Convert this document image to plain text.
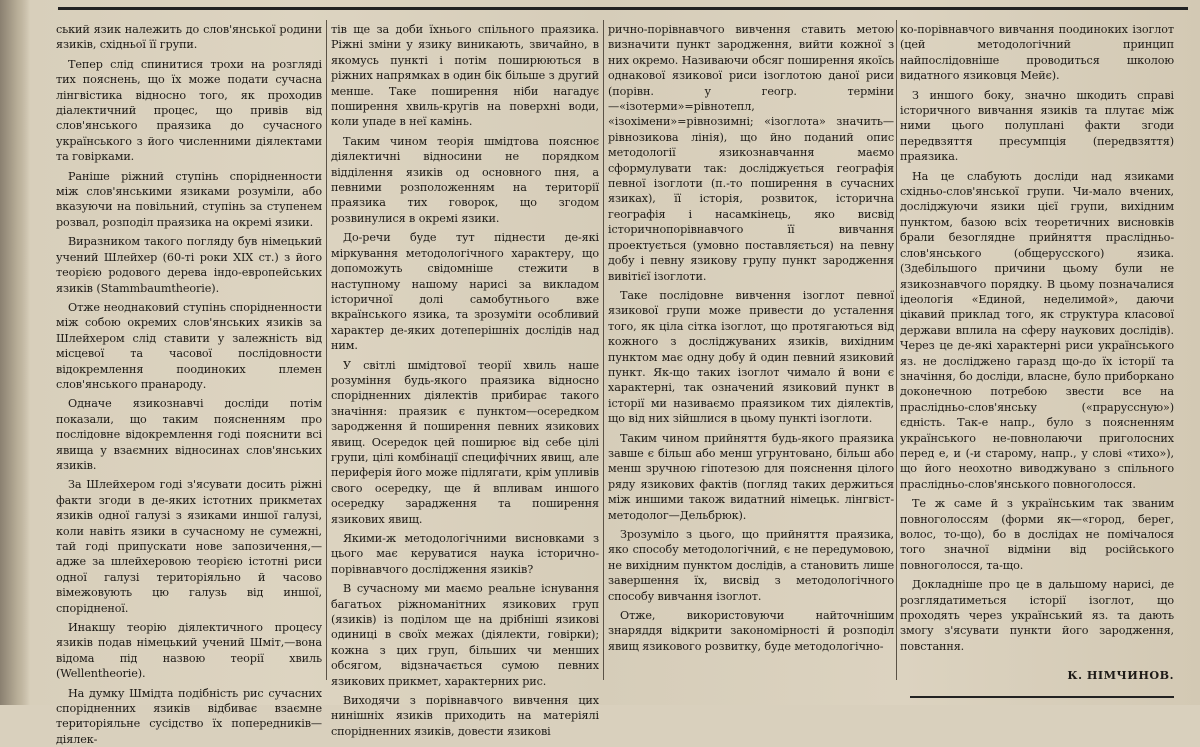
ський язик належить до слов'янської родини язиків, східньої її групи.

Тепер слід спинитися трохи на розгляді тих пояснень, що їх може подати сучасна лінгвістика відносно того, як проходив діалектичний процес, що привів від слов'янського праязика до сучасного українського з його численними діялектами та говірками.

Раніше ріжний ступінь спорідненности між слов'янськими язиками розуміли, або вказуючи на повільний, ступінь за ступенем розвал, розподіл праязика на окремі язики.

Виразником такого погляду був німецький учений Шлейхер (60-ті роки XIX ст.) з його теорією родового дерева індо-европейських язиків (Stammbaumtheorie).

Отже неоднаковий ступінь спорідненности між собою окремих слов'янських язиків за Шлейхером слід ставити у залежність від місцевої та часової послідовности відокремлення поодиноких племен слов'янського пранароду.

Одначе язикознавчі досліди потім показали, що таким поясненням про послідовне відокремлення годі пояснити всі явища у взаємних відносинах слов'янських язиків.

За Шлейхером годі з'ясувати досить ріжні факти згоди в де-яких істотних прикметах язиків одної галузі з язиками иншої галузі, коли навіть язики в сучасному не сумежні, тай годі припускати нове запозичення,—адже за шлейхеровою теорією істотні риси одної галузі територіяльно й часово вімежовують цю галузь від иншої, спорідненої.

Инакшу теорію діялектичного процесу язиків подав німецький учений Шміт,—вона відома під назвою теорії хвиль (Wellentheorie).

На думку Шмідта подібність рис сучасних спорідненних язиків відбиває взаємне територіяльне сусідство їх попередників—діялек-

тів ще за доби їхнього спільного праязика. Ріжні зміни у язику виникають, звичайно, в якомусь пункті і потім поширюються в ріжних напрямках в один бік більше з другий менше. Таке поширення ніби нагадує поширення хвиль-кругів на поверхні води, коли упаде в неї камінь.

Таким чином теорія шмідтова пояснює діялектичні відносини не порядком відділення язиків од основного пня, а певними розположенням на території праязика тих говорок, що згодом розвинулися в окремі язики.

До-речи буде тут піднести де-які міркування методологічного характеру, що допоможуть свідомніше стежити в наступному нашому нарисі за викладом історичної долі самобутнього вже вкраїнського язика, та зрозуміти особливий характер де-яких дотеперішніх дослідів над ним.

У світлі шмідтової теорії хвиль наше розуміння будь-якого праязика відносно спорідненних діялектів прибирає такого значіння: праязик є пунктом—осередком зародження й поширення певних язикових явищ. Осередок цей поширює від себе цілі групи, цілі комбінації специфічних явищ, але периферія його може підлягати, крім упливів свого осередку, ще й впливам иншого осередку зарадження та поширення язикових явищ.

Якими-ж методологічними висновками з цього має керуватися наука історично-порівнавчого дослідження язиків?

В сучасному ми маємо реальне існування багатьох ріжноманітних язикових груп (язиків) із подiлом ще на дрібніші язикові одиниці в своїх межах (діялекти, говірки); кожна з цих груп, більших чи менших обсягом, відзначається сумою певних язикових прикмет, характерних рис.

Виходячи з порівнавчого вивчення цих нинішніх язиків приходить на матеріялі спорідненних язиків, довести язикові

рично-порівнавчого вивчення ставить метою визначити пункт зародження, вийти кожної з них окремо. Називаючи обсяг поширення якоїсь однакової язикової риси ізоглотою даної риси (порівн. у геогр. терміни—«ізотерми»=рівнотепл, «ізохімени»=рівнозимні; «ізоглота» значить—рівнозикова лінія), що йно поданий опис методології язикознавчання маємо сформулувати так: досліджується географія певної ізоглоти (п.-то поширення в сучасних язиках), її історія, розвиток, історична географія і насамкінець, яко висвід історичнопорівнавчого її вивчання проектується (умовно поставляється) на певну добу і певну язикову групу пункт зародження вивітієї ізоглоти.

Таке послідовне вивчення ізоглот певної язикової групи може привести до усталення того, як ціла сітка ізоглот, що протягаються від кожного з досліджуваних язиків, вихідним пунктом має одну добу й один певний язиковий пункт. Як-що таких ізоглот чимало й вони є характерні, так означений язиковий пункт в історії ми називаємо праязиком тих діялектів, що від них зійшлися в цьому пункті ізоглоти.

Таким чином прийняття будь-якого праязика завше є більш або менш угрунтовано, більш або менш зручною гіпотезою для пояснення цілого ряду язикових фактів (погляд таких держиться між иншими також видатний німецьк. лінгвіст-методолог—Дельбрюк).

Зрозуміло з цього, що прийняття праязика, яко способу методологічний, є не передумовою, не вихідним пунктом дослідів, а становить лише завершення їх, висвід з методологічного способу вивчання ізоглот.

Отже, використовуючи найточнішим знаряддя відкрити закономірності й розподіл явищ язикового розвитку, буде методологічно-

ко-порівнавчого вивчання поодиноких ізоглот (цей методологічний принцип найпослідовніше проводиться школою видатного язиковця Мейє).

З иншого боку, значно шкодить справі історичного вивчання язиків та плутає між ними цього полуплані факти згоди передвзяття пресумпція (передвзяття) праязика.

На це слабують досліди над язиками східньо-слов'янської групи. Чи-мало вчених, досліджуючи язики цієї групи, вихідним пунктом, базою всіх теоретичних висновків брали безоглядне прийняття праслідньо-слов'янського (общерусского) язика. (Здебільшого причини цьому були не язикознавчого порядку. В цьому позначалися ідеологія «Единой, неделимой», даючи цікавий приклад того, як структура класової держави вплила на сферу наукових дослідів). Через це де-які характерні риси українського яз. не досліджено гаразд що-до їх історії та значіння, бо досліди, власне, було приборкано доконечною потребою звести все на праслідньо-слов'янську («праруссную») єдність. Так-е напр., було з поясненням українського не-повнолаючи приголосних перед е, и (-и старому, напр., у слові «тихо»), що його неохотно виводжувано з спільного праслідньо-слов'янського повноголосся.

Те ж саме й з українським так званим повноголоссям (форми як—«город, берег, волос, то-що), бо в дослідах не помічалося того значної відміни від російського повноголосся, та-що.

Докладніше про це в дальшому нарисі, де розглядатиметься історії ізоглот, що проходять через український яз. та дають змогу з'ясувати пункти його зародження, повстання.

К. НІМЧИНОВ.
